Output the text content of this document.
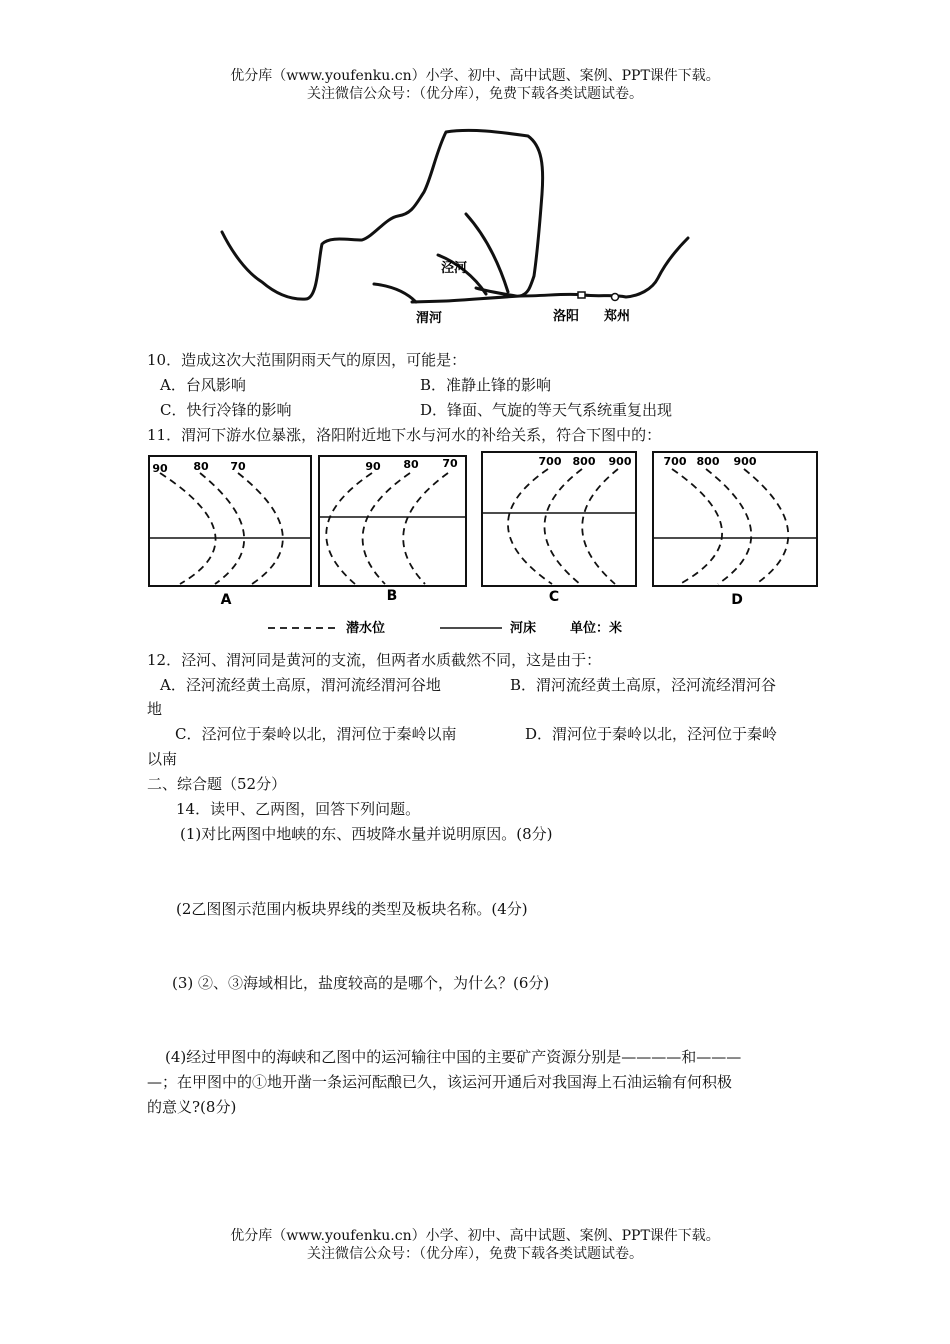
优分库（www.youfenku.cn）小学、初中、高中试题、案例、PPT课件下载。
关注微信公众号：（优分库），免费下载各类试题试卷。
泾河
渭河	洛阳 郑州
10．造成这次大范围阴雨天气的原因，可能是：
A．台风影响	B．准静止锋的影响
C．快行冷锋的影响	D．锋面、气旋的等天气系统重复出现
11．渭河下游水位暴涨，洛阳附近地下水与河水的补给关系，符合下图中的：
90 80 70	90 80 70	700 800 900	700 800 900
A	B	C	D
潜水位	河床	单位：米
12．泾河、渭河同是黄河的支流，但两者水质截然不同，这是由于：
A．泾河流经黄土高原，渭河流经渭河谷地	B．渭河流经黄土高原，泾河流经渭河谷
地
C．泾河位于秦岭以北，渭河位于秦岭以南	D．渭河位于秦岭以北，泾河位于秦岭
以南
二、综合题（52分）
14．读甲、乙两图，回答下列问题。
(1)对比两图中地峡的东、西坡降水量并说明原因。(8分)
(2乙图图示范围内板块界线的类型及板块名称。(4分)
(3) ②、③海域相比，盐度较高的是哪个，为什么？(6分)
(4)经过甲图中的海峡和乙图中的运河输往中国的主要矿产资源分别是————和———
—；在甲图中的①地开凿一条运河酝酿已久，该运河开通后对我国海上石油运输有何积极
的意义?(8分)
优分库（www.youfenku.cn）小学、初中、高中试题、案例、PPT课件下载。
关注微信公众号：（优分库），免费下载各类试题试卷。
